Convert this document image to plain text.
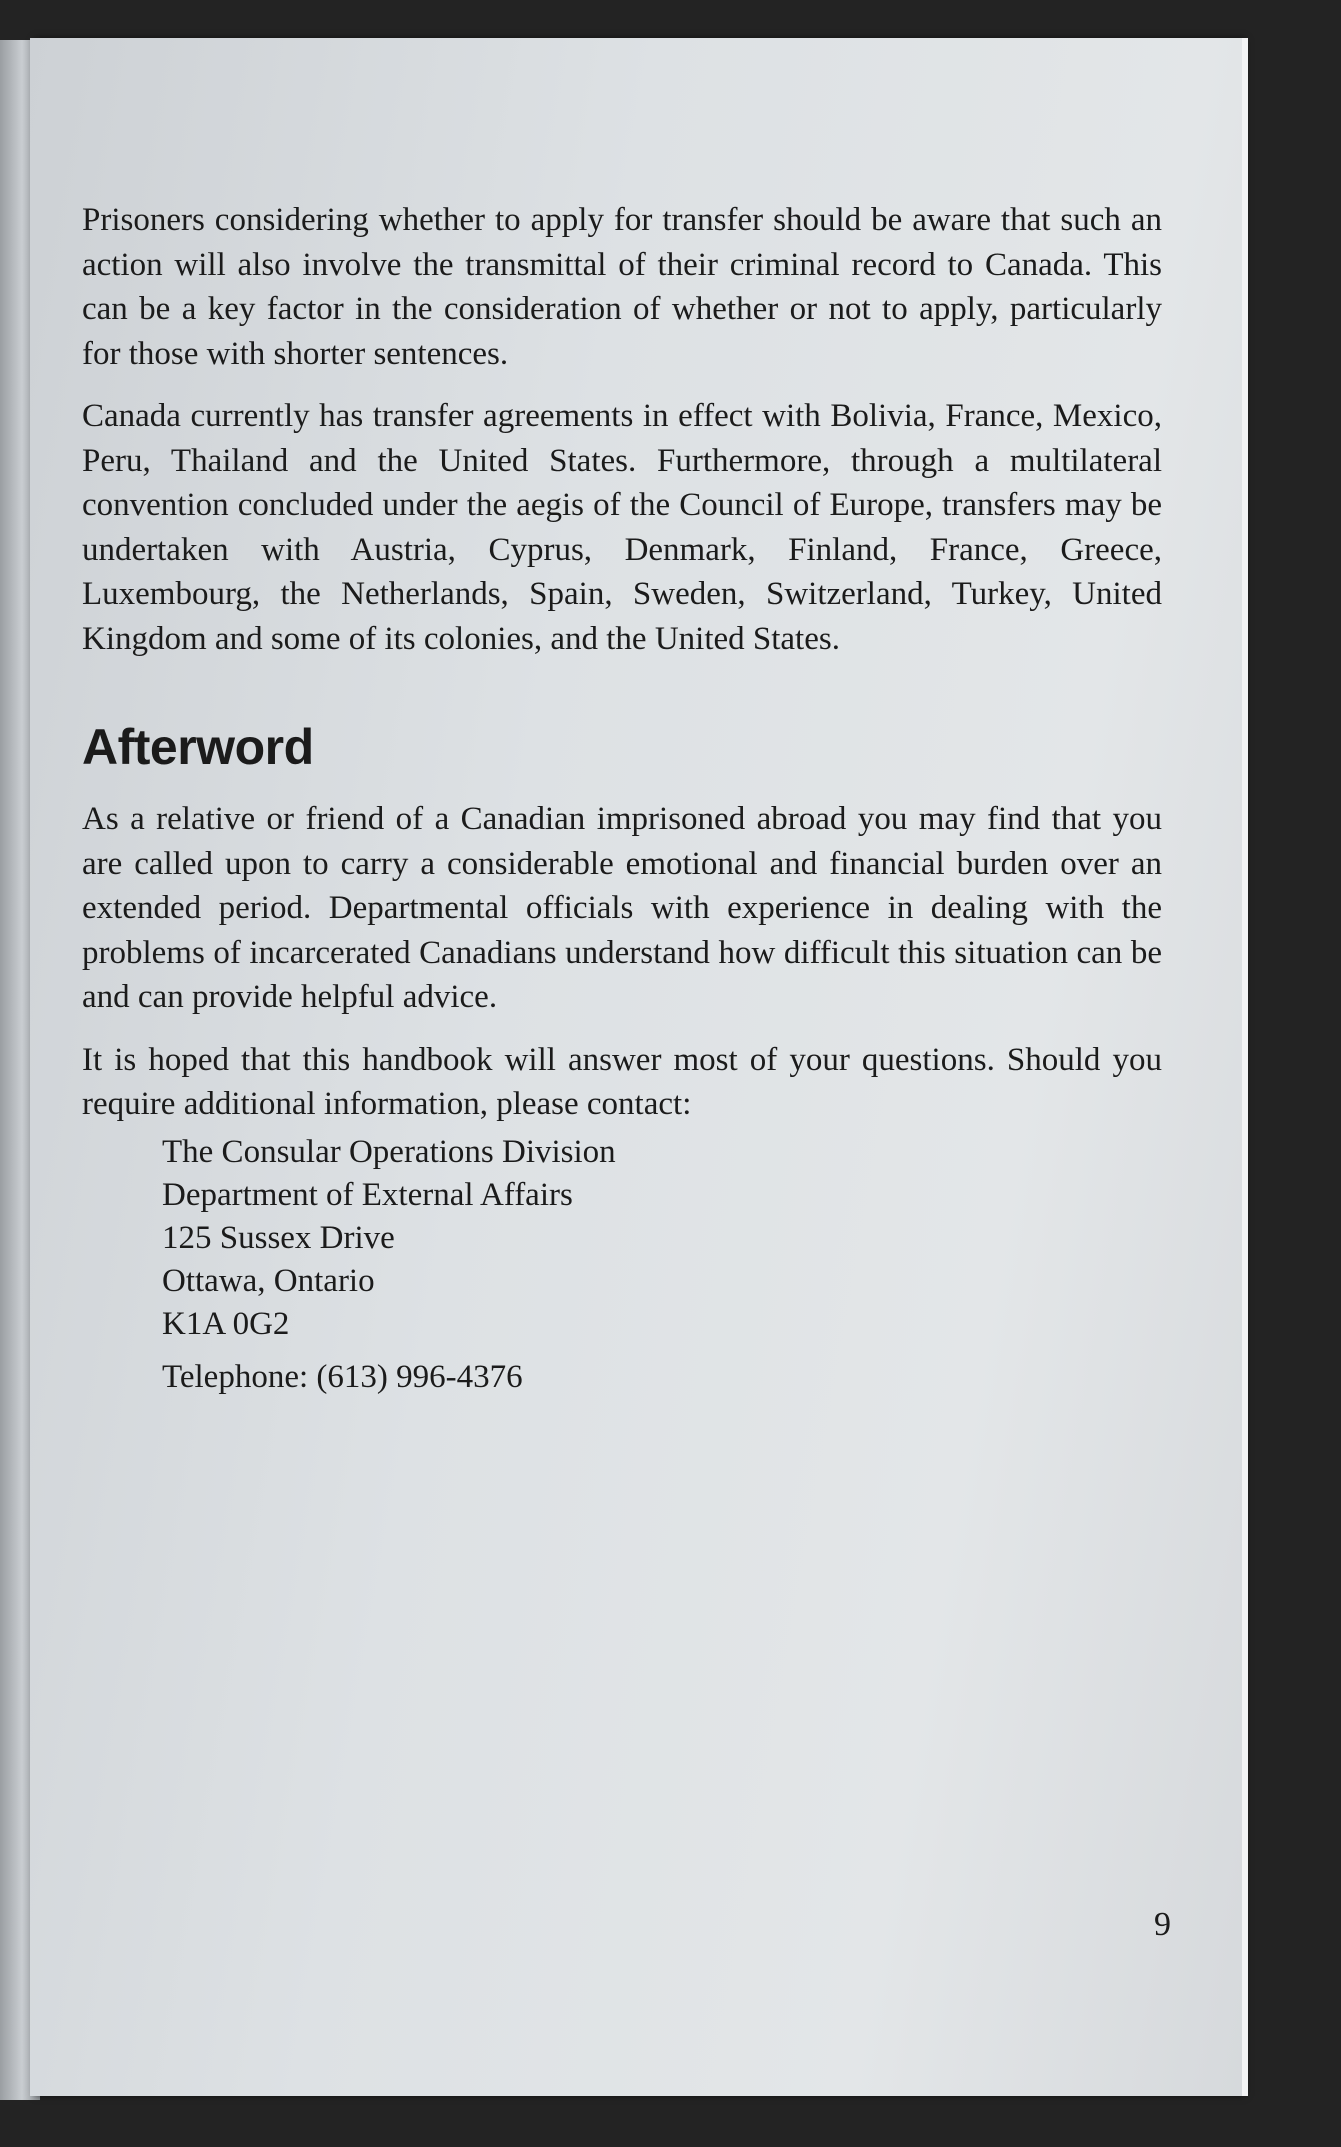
Prisoners considering whether to apply for transfer should be aware that such an action will also involve the transmittal of their criminal record to Canada. This can be a key factor in the consideration of whether or not to apply, particularly for those with shorter sentences.

Canada currently has transfer agreements in effect with Bolivia, France, Mexico, Peru, Thailand and the United States. Furthermore, through a multilateral convention concluded under the aegis of the Council of Europe, transfers may be undertaken with Austria, Cyprus, Denmark, Finland, France, Greece, Luxembourg, the Netherlands, Spain, Sweden, Switzerland, Turkey, United Kingdom and some of its colonies, and the United States.

Afterword

As a relative or friend of a Canadian imprisoned abroad you may find that you are called upon to carry a considerable emotional and financial burden over an extended period. Departmental officials with experience in dealing with the problems of incarcerated Canadians understand how difficult this situation can be and can provide helpful advice.

It is hoped that this handbook will answer most of your questions. Should you require additional information, please contact:

The Consular Operations Division
Department of External Affairs
125 Sussex Drive
Ottawa, Ontario
K1A 0G2
Telephone: (613) 996-4376
9
